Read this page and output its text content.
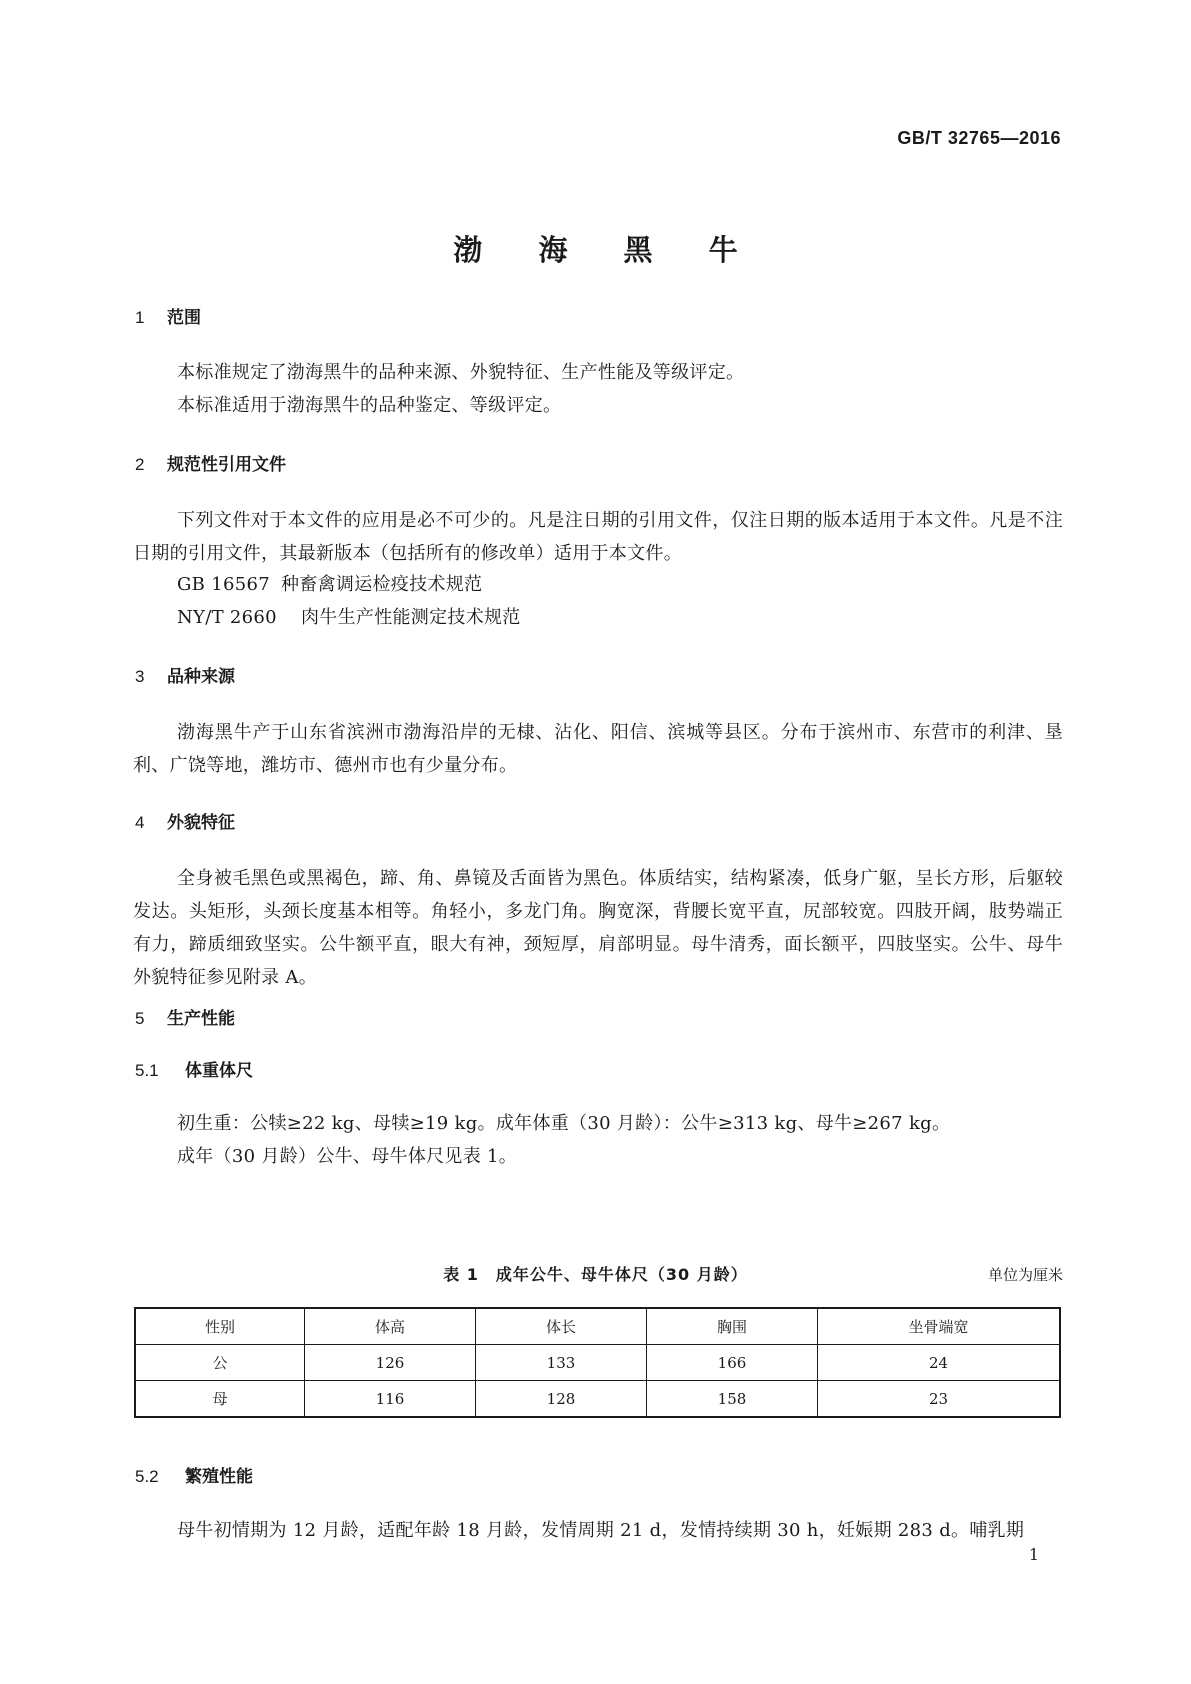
GB/T 32765—2016
渤 海 黑 牛
1 范围
本标准规定了渤海黑牛的品种来源、外貌特征、生产性能及等级评定。
本标准适用于渤海黑牛的品种鉴定、等级评定。
2 规范性引用文件
下列文件对于本文件的应用是必不可少的。凡是注日期的引用文件，仅注日期的版本适用于本文件。凡是不注日期的引用文件，其最新版本（包括所有的修改单）适用于本文件。
GB 16567 种畜禽调运检疫技术规范
NY/T 2660 肉牛生产性能测定技术规范
3 品种来源
渤海黑牛产于山东省滨洲市渤海沿岸的无棣、沾化、阳信、滨城等县区。分布于滨州市、东营市的利津、垦利、广饶等地，潍坊市、德州市也有少量分布。
4 外貌特征
全身被毛黑色或黑褐色，蹄、角、鼻镜及舌面皆为黑色。体质结实，结构紧凑，低身广躯，呈长方形，后躯较发达。头矩形，头颈长度基本相等。角轻小，多龙门角。胸宽深，背腰长宽平直，尻部较宽。四肢开阔，肢势端正有力，蹄质细致坚实。公牛额平直，眼大有神，颈短厚，肩部明显。母牛清秀，面长额平，四肢坚实。公牛、母牛外貌特征参见附录 A。
5 生产性能
5.1 体重体尺
初生重：公犊≥22 kg、母犊≥19 kg。成年体重（30 月龄）：公牛≥313 kg、母牛≥267 kg。
成年（30 月龄）公牛、母牛体尺见表 1。
表 1　成年公牛、母牛体尺（30 月龄）	单位为厘米
性别	体高	体长	胸围	坐骨端宽
公	126	133	166	24
母	116	128	158	23
5.2 繁殖性能
母牛初情期为 12 月龄，适配年龄 18 月龄，发情周期 21 d，发情持续期 30 h，妊娠期 283 d。哺乳期
1
